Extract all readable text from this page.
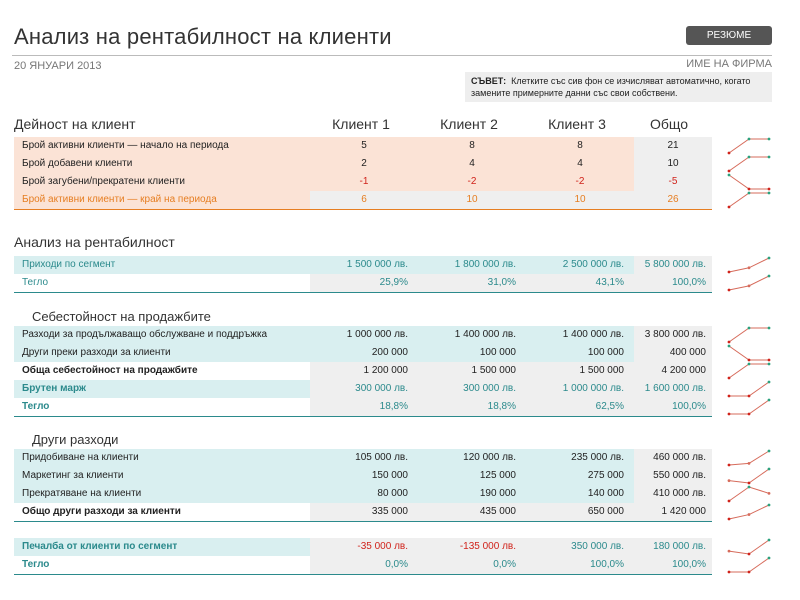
Анализ на рентабилност на клиенти	РЕЗЮМЕ
20 ЯНУАРИ 2013	ИМЕ НА ФИРМА
СЪВЕТ: Клетките със сив фон се изчисляват автоматично, когато замените примерните данни със свои собствени.
Дейност на клиент	Клиент 1	Клиент 2	Клиент 3	Общо
Брой активни клиенти — начало на периода	5	8	8	21
Брой добавени клиенти	2	4	4	10
Брой загубени/прекратени клиенти	-1	-2	-2	-5
Брой активни клиенти — край на периода	6	10	10	26
Анализ на рентабилност
Приходи по сегмент	1 500 000 лв.	1 800 000 лв.	2 500 000 лв.	5 800 000 лв.
Тегло	25,9%	31,0%	43,1%	100,0%
Себестойност на продажбите
Разходи за продължаващо обслужване и поддръжка	1 000 000 лв.	1 400 000 лв.	1 400 000 лв.	3 800 000 лв.
Други преки разходи за клиенти	200 000	100 000	100 000	400 000
Обща себестойност на продажбите	1 200 000	1 500 000	1 500 000	4 200 000
Брутен марж	300 000 лв.	300 000 лв.	1 000 000 лв.	1 600 000 лв.
Тегло	18,8%	18,8%	62,5%	100,0%
Други разходи
Придобиване на клиенти	105 000 лв.	120 000 лв.	235 000 лв.	460 000 лв.
Маркетинг за клиенти	150 000	125 000	275 000	550 000 лв.
Прекратяване на клиенти	80 000	190 000	140 000	410 000 лв.
Общо други разходи за клиенти	335 000	435 000	650 000	1 420 000
Печалба от клиенти по сегмент	-35 000 лв.	-135 000 лв.	350 000 лв.	180 000 лв.
Тегло	0,0%	0,0%	100,0%	100,0%
